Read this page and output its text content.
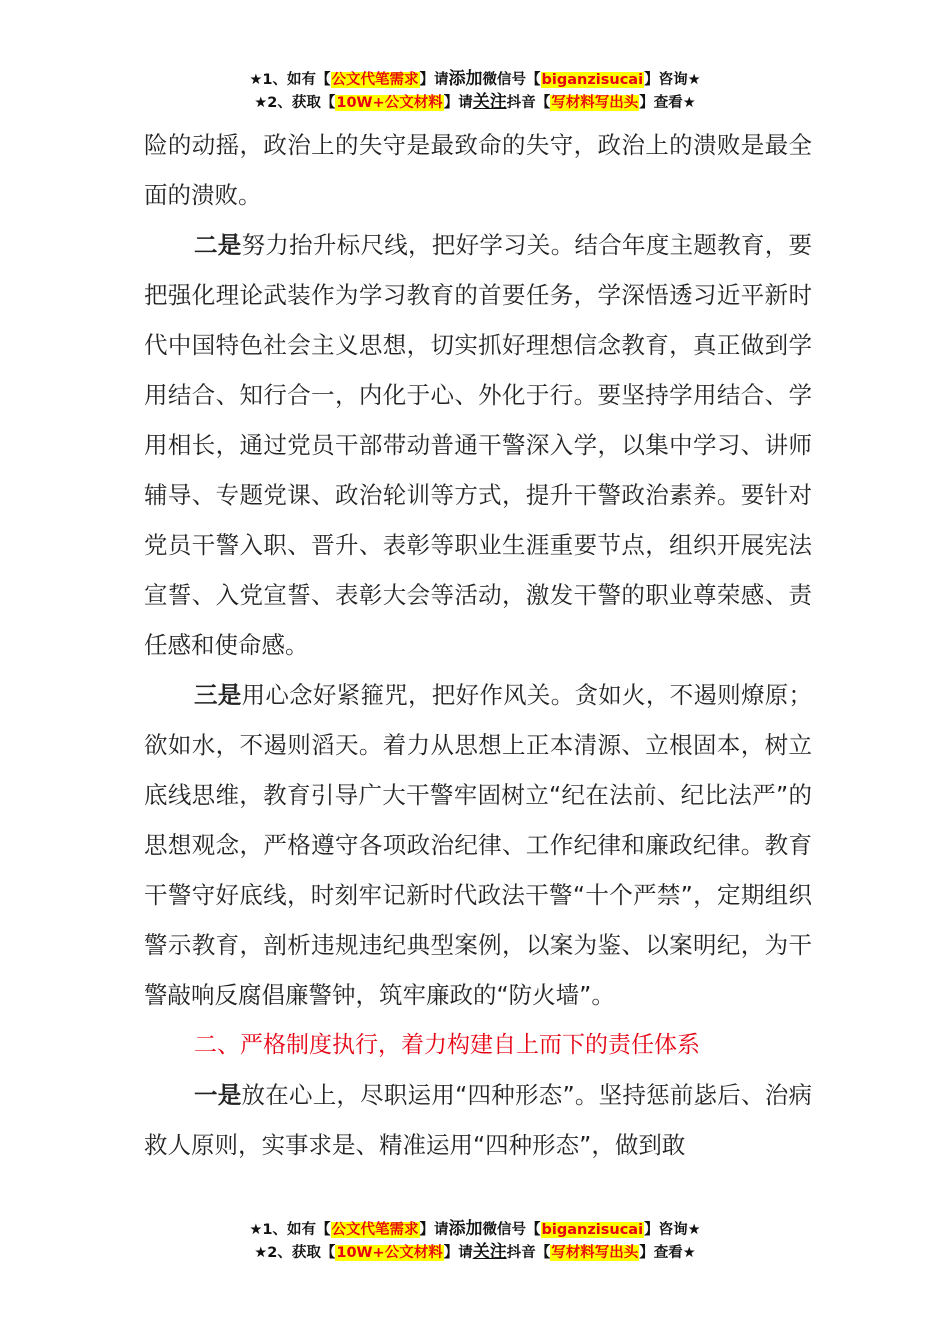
★1、如有【公文代笔需求】请添加微信号【biganzisucai】咨询★
★2、获取【10W+公文材料】请关注抖音【写材料写出头】查看★

险的动摇，政治上的失守是最致命的失守，政治上的溃败是最全面的溃败。

二是努力抬升标尺线，把好学习关。结合年度主题教育，要把强化理论武装作为学习教育的首要任务，学深悟透习近平新时代中国特色社会主义思想，切实抓好理想信念教育，真正做到学用结合、知行合一，内化于心、外化于行。要坚持学用结合、学用相长，通过党员干部带动普通干警深入学，以集中学习、讲师辅导、专题党课、政治轮训等方式，提升干警政治素养。要针对党员干警入职、晋升、表彰等职业生涯重要节点，组织开展宪法宣誓、入党宣誓、表彰大会等活动，激发干警的职业尊荣感、责任感和使命感。

三是用心念好紧箍咒，把好作风关。贪如火，不遏则燎原；欲如水，不遏则滔天。着力从思想上正本清源、立根固本，树立底线思维，教育引导广大干警牢固树立“纪在法前、纪比法严”的思想观念，严格遵守各项政治纪律、工作纪律和廉政纪律。教育干警守好底线，时刻牢记新时代政法干警“十个严禁”，定期组织警示教育，剖析违规违纪典型案例，以案为鉴、以案明纪，为干警敲响反腐倡廉警钟，筑牢廉政的“防火墙”。

二、严格制度执行，着力构建自上而下的责任体系

一是放在心上，尽职运用“四种形态”。坚持惩前毖后、治病救人原则，实事求是、精准运用“四种形态”，做到敢

★1、如有【公文代笔需求】请添加微信号【biganzisucai】咨询★
★2、获取【10W+公文材料】请关注抖音【写材料写出头】查看★
